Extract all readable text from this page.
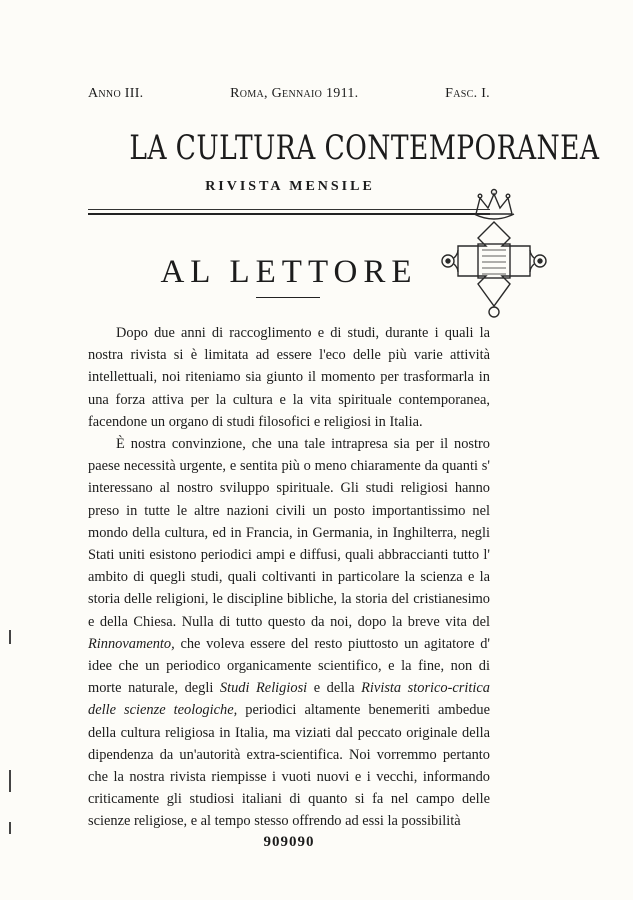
Anno III.	Roma, Gennaio 1911.	Fasc. I.
LA CULTURA CONTEMPORANEA
RIVISTA MENSILE
AL LETTORE

Dopo due anni di raccoglimento e di studi, durante i quali la nostra rivista si è limitata ad essere l'eco delle più varie attività intellettuali, noi riteniamo sia giunto il momento per trasformarla in una forza attiva per la cultura e la vita spirituale contemporanea, facendone un organo di studi filosofici e religiosi in Italia.

È nostra convinzione, che una tale intrapresa sia per il nostro paese necessità urgente, e sentita più o meno chiaramente da quanti s' interessano al nostro sviluppo spirituale. Gli studi religiosi hanno preso in tutte le altre nazioni civili un posto importantissimo nel mondo della cultura, ed in Francia, in Germania, in Inghilterra, negli Stati uniti esistono periodici ampi e diffusi, quali abbraccianti tutto l' ambito di quegli studi, quali coltivanti in particolare la scienza e la storia delle religioni, le discipline bibliche, la storia del cristianesimo e della Chiesa. Nulla di tutto questo da noi, dopo la breve vita del Rinnovamento, che voleva essere del resto piuttosto un agitatore d' idee che un periodico organicamente scientifico, e la fine, non di morte naturale, degli Studi Religiosi e della Rivista storico-critica delle scienze teologiche, periodici altamente benemeriti ambedue della cultura religiosa in Italia, ma viziati dal peccato originale della dipendenza da un'autorità extra-scientifica. Noi vorremmo pertanto che la nostra rivista riempisse i vuoti nuovi e i vecchi, informando criticamente gli studiosi italiani di quanto si fa nel campo delle scienze religiose, e al tempo stesso offrendo ad essi la possibilità

909090
